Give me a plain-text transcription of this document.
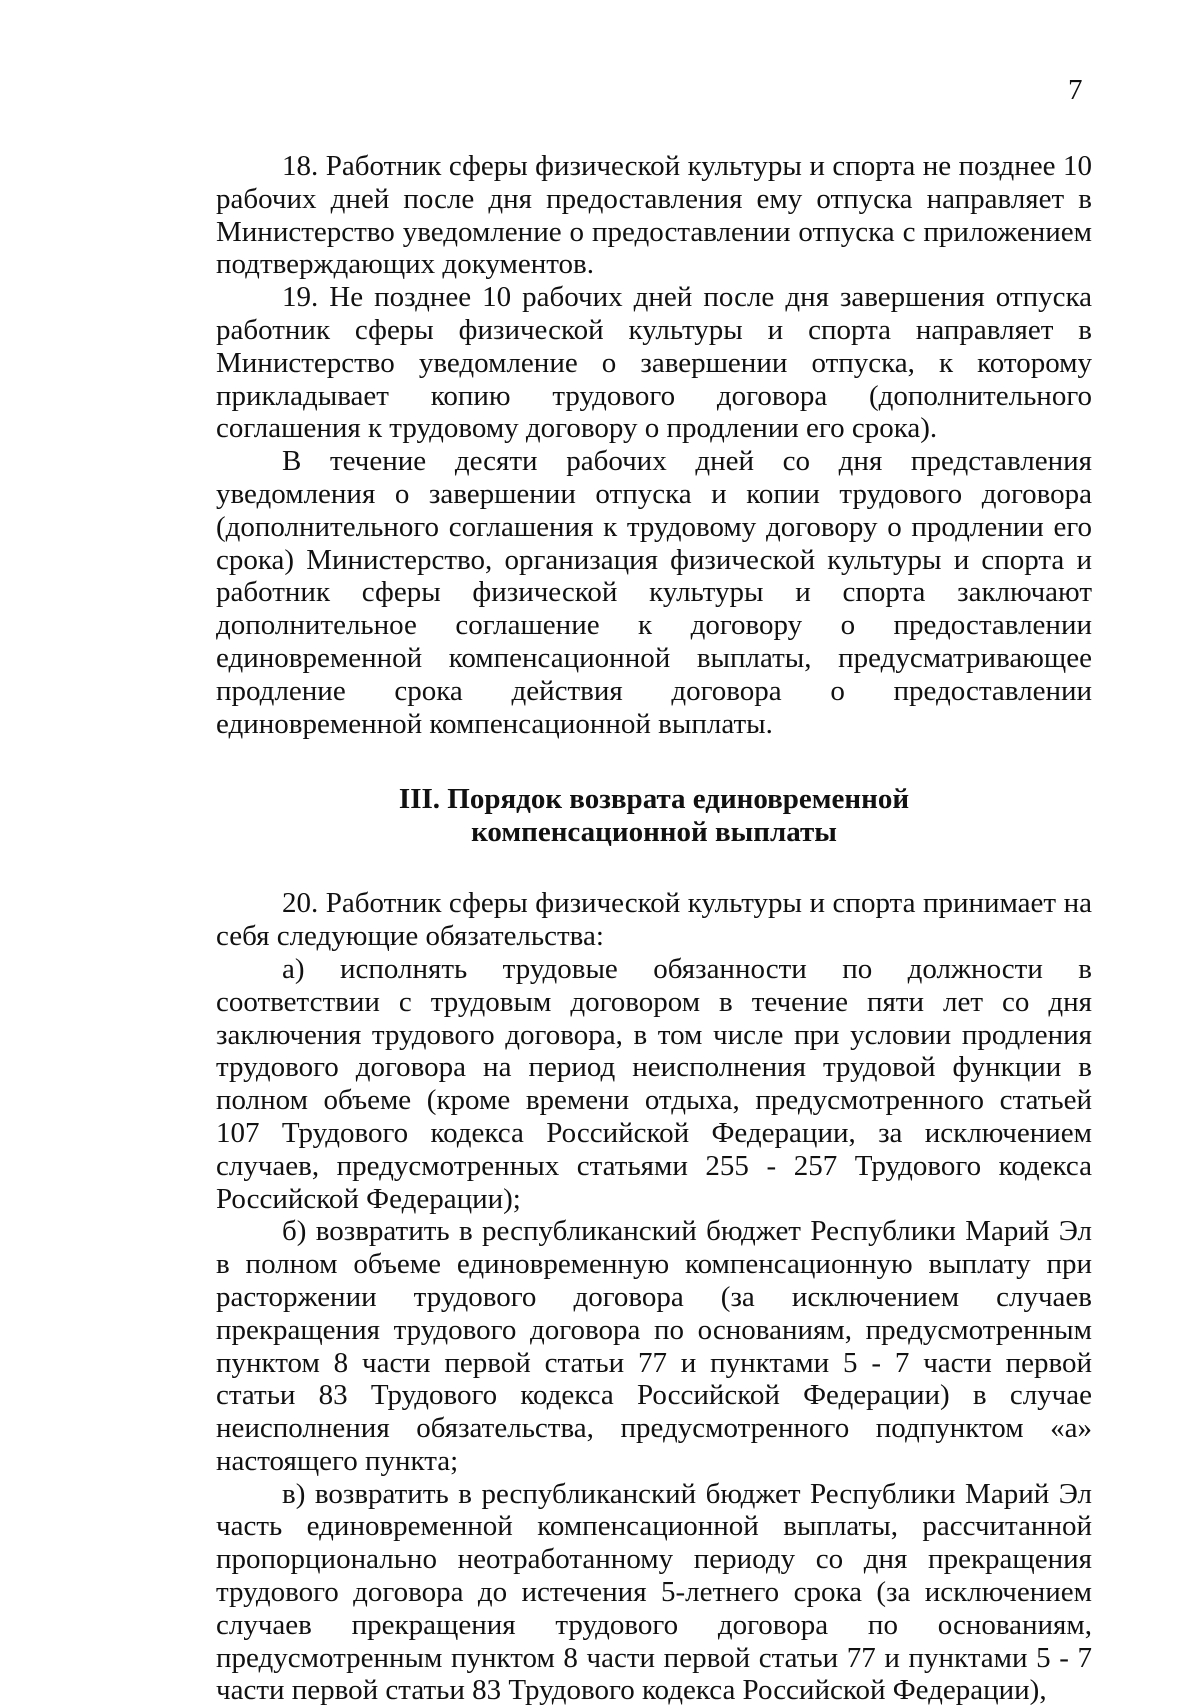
7

18. Работник сферы физической культуры и спорта не позднее 10 рабочих дней после дня предоставления ему отпуска направляет в Министерство уведомление о предоставлении отпуска с приложением подтверждающих документов.

19. Не позднее 10 рабочих дней после дня завершения отпуска работник сферы физической культуры и спорта направляет в Министерство уведомление о завершении отпуска, к которому прикладывает копию трудового договора (дополнительного соглашения к трудовому договору о продлении его срока).

В течение десяти рабочих дней со дня представления уведомления о завершении отпуска и копии трудового договора (дополнительного соглашения к трудовому договору о продлении его срока) Министерство, организация физической культуры и спорта и работник сферы физической культуры и спорта заключают дополнительное соглашение к договору о предоставлении единовременной компенсационной выплаты, предусматривающее продление срока действия договора о предоставлении единовременной компенсационной выплаты.

III. Порядок возврата единовременной
компенсационной выплаты

20. Работник сферы физической культуры и спорта принимает на себя следующие обязательства:

а) исполнять трудовые обязанности по должности в соответствии с трудовым договором в течение пяти лет со дня заключения трудового договора, в том числе при условии продления трудового договора на период неисполнения трудовой функции в полном объеме (кроме времени отдыха, предусмотренного статьей 107 Трудового кодекса Российской Федерации, за исключением случаев, предусмотренных статьями 255 - 257 Трудового кодекса Российской Федерации);

б) возвратить в республиканский бюджет Республики Марий Эл в полном объеме единовременную компенсационную выплату при расторжении трудового договора (за исключением случаев прекращения трудового договора по основаниям, предусмотренным пунктом 8 части первой статьи 77 и пунктами 5 - 7 части первой статьи 83 Трудового кодекса Российской Федерации) в случае неисполнения обязательства, предусмотренного подпунктом «а» настоящего пункта;

в) возвратить в республиканский бюджет Республики Марий Эл часть единовременной компенсационной выплаты, рассчитанной пропорционально неотработанному периоду со дня прекращения трудового договора до истечения 5-летнего срока (за исключением случаев прекращения трудового договора по основаниям, предусмотренным пунктом 8 части первой статьи 77 и пунктами 5 - 7 части первой статьи 83 Трудового кодекса Российской Федерации),
